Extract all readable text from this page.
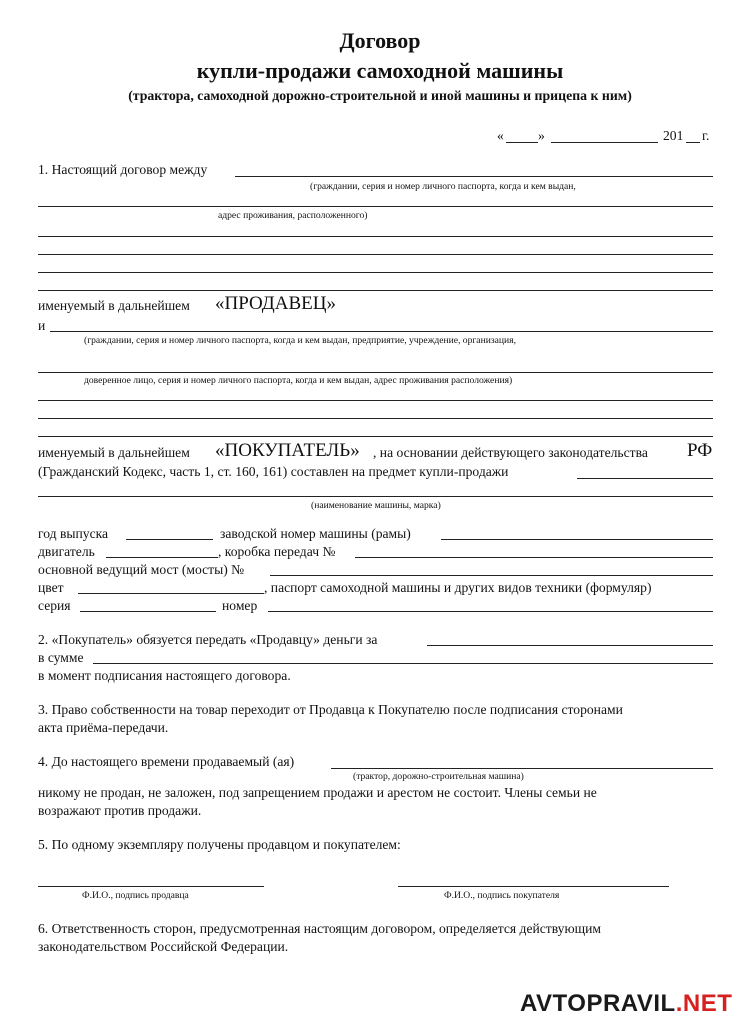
Договор
купли-продажи самоходной машины
(трактора, самоходной дорожно-строительной и иной машины и прицепа к ним)
«	»	201 г.
1. Настоящий договор между
(граждании, серия и номер личного паспорта, когда и кем выдан,
адрес проживания, расположенного)
именуемый в дальнейшем «ПРОДАВЕЦ»
и
(граждании, серия и номер личного паспорта, когда и кем выдан, предприятие, учреждение, организация,
доверенное лицо, серия и номер личного паспорта, когда и кем выдан, адрес проживания расположения)
именуемый в дальнейшем «ПОКУПАТЕЛЬ» , на основании действующего законодательства РФ
(Гражданский Кодекс, часть 1, ст. 160, 161) составлен на предмет купли-продажи
(наименование машины, марка)
год выпуска	заводской номер машины (рамы)
двигатель	, коробка передач №
основной ведущий мост (мосты) №
цвет	, паспорт самоходной машины и других видов техники (формуляр)
серия	номер
2. «Покупатель» обязуется передать «Продавцу» деньги за
в сумме
в момент подписания настоящего договора.
3. Право собственности на товар переходит от Продавца к Покупателю после подписания сторонами
акта приёма-передачи.
4. До настоящего времени продаваемый (ая)
(трактор, дорожно-строительная машина)
никому не продан, не заложен, под запрещением продажи и арестом не состоит. Члены семьи не
возражают против продажи.
5. По одному экземпляру получены продавцом и покупателем:
Ф.И.О., подпись продавца	Ф.И.О., подпись покупателя
6. Ответственность сторон, предусмотренная настоящим договором, определяется действующим
законодательством Российской Федерации.
AVTOPRAVIL.NET
